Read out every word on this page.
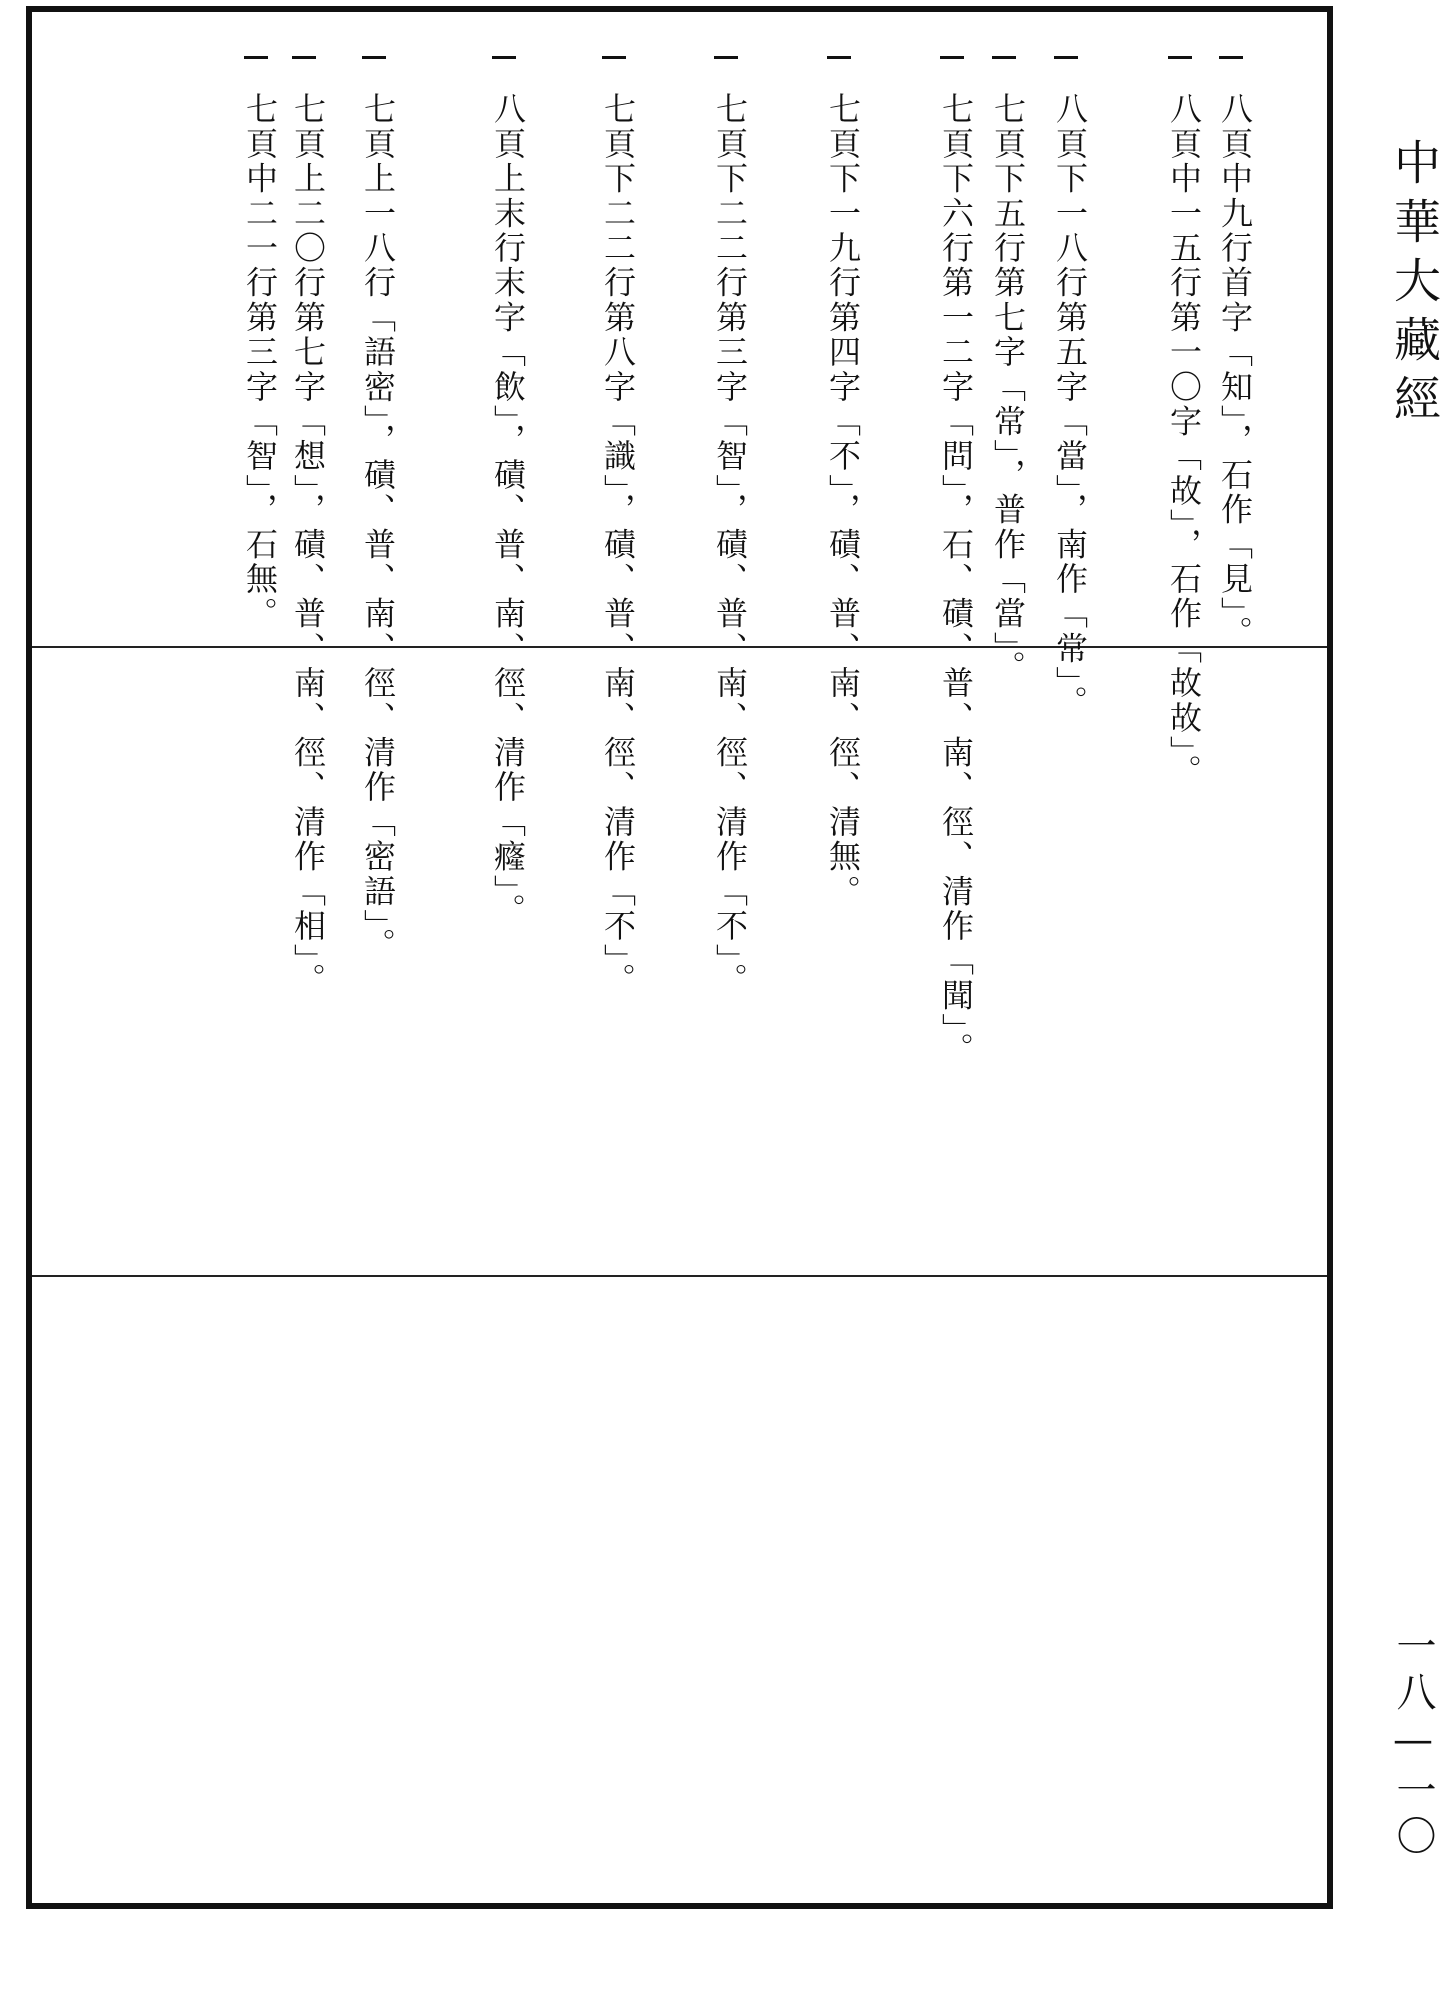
七頁上一八行「語密」，磧、普、南、徑、清作「密語」。
七頁上二〇行第七字「想」，磧、普、南、徑、清作「相」。
七頁中二一行第三字「智」，石無。	七頁下五行第七字「常」，普作「當」。
七頁下六行第一二字「問」，石、磧、普、南、徑、清作「聞」。
七頁下一九行第四字「不」，磧、普、南、徑、清無。
七頁下二二行第三字「智」，磧、普、南、徑、清作「不」。
七頁下二二行第八字「識」，磧、普、南、徑、清作「不」。
八頁上末行末字「飲」，磧、普、南、徑、清作「癃」。	八頁中九行首字「知」，石作「見」。
八頁中一五行第一〇字「故」，石作「故故」。
八頁下一八行第五字「當」，南作「常」。	中華大藏經
一八—一〇
